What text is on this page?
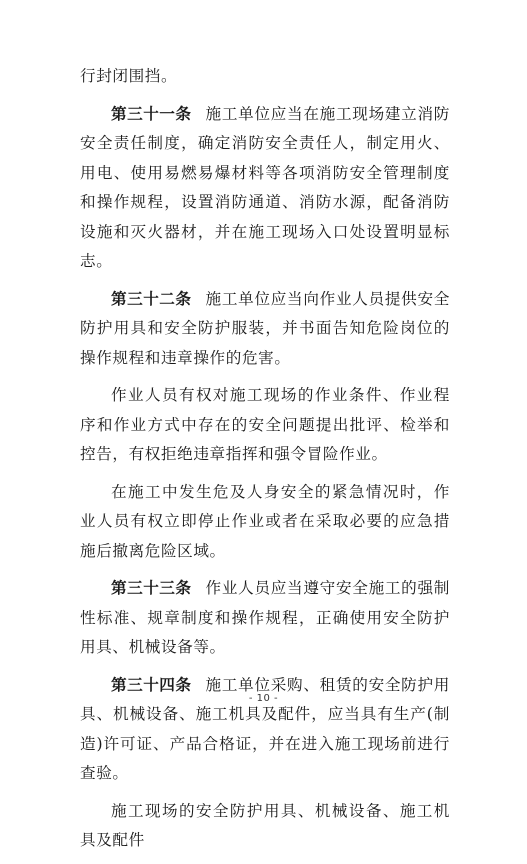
行封闭围挡。

第三十一条 施工单位应当在施工现场建立消防安全责任制度，确定消防安全责任人，制定用火、用电、使用易燃易爆材料等各项消防安全管理制度和操作规程，设置消防通道、消防水源，配备消防设施和灭火器材，并在施工现场入口处设置明显标志。

第三十二条 施工单位应当向作业人员提供安全防护用具和安全防护服装，并书面告知危险岗位的操作规程和违章操作的危害。

作业人员有权对施工现场的作业条件、作业程序和作业方式中存在的安全问题提出批评、检举和控告，有权拒绝违章指挥和强令冒险作业。

在施工中发生危及人身安全的紧急情况时，作业人员有权立即停止作业或者在采取必要的应急措施后撤离危险区域。

第三十三条 作业人员应当遵守安全施工的强制性标准、规章制度和操作规程，正确使用安全防护用具、机械设备等。

第三十四条 施工单位采购、租赁的安全防护用具、机械设备、施工机具及配件，应当具有生产(制造)许可证、产品合格证，并在进入施工现场前进行查验。

施工现场的安全防护用具、机械设备、施工机具及配件

- 10 -
